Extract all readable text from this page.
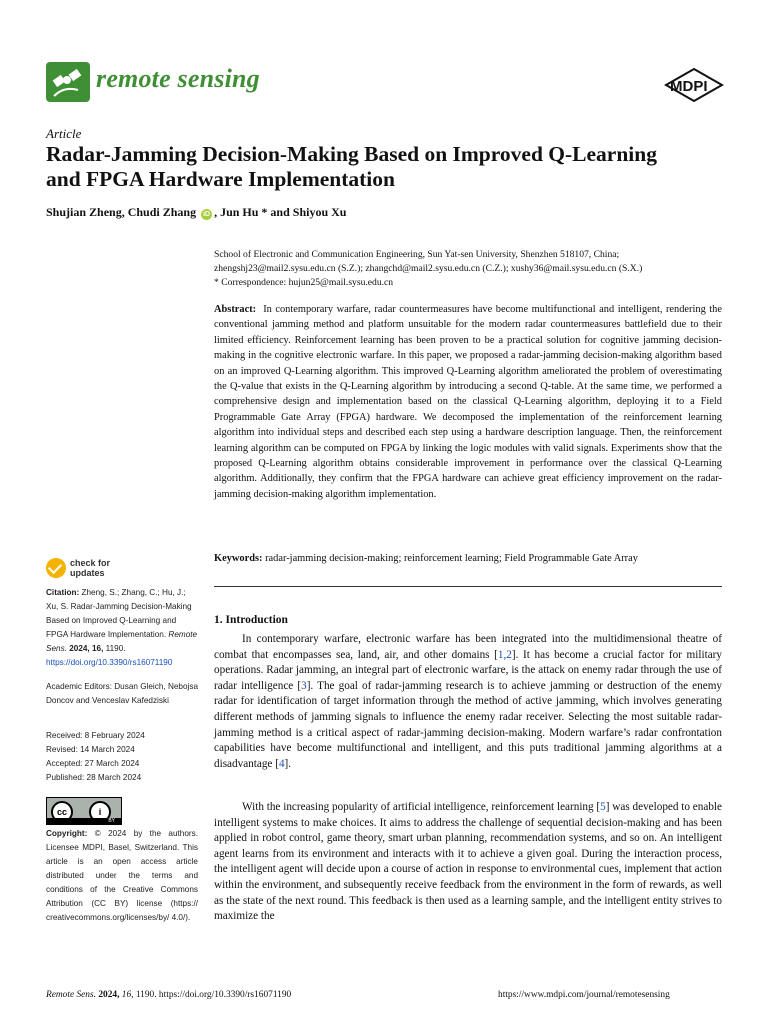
remote sensing	MDPI
Article
Radar-Jamming Decision-Making Based on Improved Q-Learning and FPGA Hardware Implementation
Shujian Zheng, Chudi Zhang iD , Jun Hu * and Shiyou Xu
School of Electronic and Communication Engineering, Sun Yat-sen University, Shenzhen 518107, China; zhengshj23@mail2.sysu.edu.cn (S.Z.); zhangchd@mail2.sysu.edu.cn (C.Z.); xushy36@mail.sysu.edu.cn (S.X.)
* Correspondence: hujun25@mail.sysu.edu.cn
Abstract: In contemporary warfare, radar countermeasures have become multifunctional and intelligent, rendering the conventional jamming method and platform unsuitable for the modern radar countermeasures battlefield due to their limited efficiency. Reinforcement learning has been proven to be a practical solution for cognitive jamming decision-making in the cognitive electronic warfare. In this paper, we proposed a radar-jamming decision-making algorithm based on an improved Q-Learning algorithm. This improved Q-Learning algorithm ameliorated the problem of overestimating the Q-value that exists in the Q-Learning algorithm by introducing a second Q-table. At the same time, we performed a comprehensive design and implementation based on the classical Q-Learning algorithm, deploying it to a Field Programmable Gate Array (FPGA) hardware. We decomposed the implementation of the reinforcement learning algorithm into individual steps and described each step using a hardware description language. Then, the reinforcement learning algorithm can be computed on FPGA by linking the logic modules with valid signals. Experiments show that the proposed Q-Learning algorithm obtains considerable improvement in performance over the classical Q-Learning algorithm. Additionally, they confirm that the FPGA hardware can achieve great efficiency improvement on the radar-jamming decision-making algorithm implementation.
Keywords: radar-jamming decision-making; reinforcement learning; Field Programmable Gate Array
check for
updates
Citation: Zheng, S.; Zhang, C.; Hu, J.; Xu, S. Radar-Jamming Decision-Making Based on Improved Q-Learning and FPGA Hardware Implementation. Remote Sens. 2024, 16, 1190. https://doi.org/10.3390/rs16071190
Academic Editors: Dusan Gleich, Nebojsa Doncov and Venceslav Kafedziski
Received: 8 February 2024
Revised: 14 March 2024
Accepted: 27 March 2024
Published: 28 March 2024
cc	i
BY
Copyright: © 2024 by the authors. Licensee MDPI, Basel, Switzerland. This article is an open access article distributed under the terms and conditions of the Creative Commons Attribution (CC BY) license (https:// creativecommons.org/licenses/by/ 4.0/).
1. Introduction

In contemporary warfare, electronic warfare has been integrated into the multidimensional theatre of combat that encompasses sea, land, air, and other domains [1,2]. It has become a crucial factor for military operations. Radar jamming, an integral part of electronic warfare, is the attack on enemy radar through the use of radar intelligence [3]. The goal of radar-jamming research is to achieve jamming or destruction of the enemy radar for identification of target information through the method of active jamming, which involves generating different methods of jamming signals to influence the enemy radar receiver. Selecting the most suitable radar-jamming method is a critical aspect of radar-jamming decision-making. Modern warfare’s radar confrontation capabilities have become multifunctional and intelligent, and this puts traditional jamming algorithms at a disadvantage [4].

With the increasing popularity of artificial intelligence, reinforcement learning [5] was developed to enable intelligent systems to make choices. It aims to address the challenge of sequential decision-making and has been applied in robot control, game theory, smart urban planning, recommendation systems, and so on. An intelligent agent learns from its environment and interacts with it to achieve a given goal. During the interaction process, the intelligent agent will decide upon a course of action in response to environmental cues, implement that action within the environment, and subsequently receive feedback from the environment in the form of rewards, as well as the state of the next round. This feedback is then used as a learning sample, and the intelligent entity strives to maximize the

Remote Sens. 2024, 16, 1190. https://doi.org/10.3390/rs16071190	https://www.mdpi.com/journal/remotesensing
